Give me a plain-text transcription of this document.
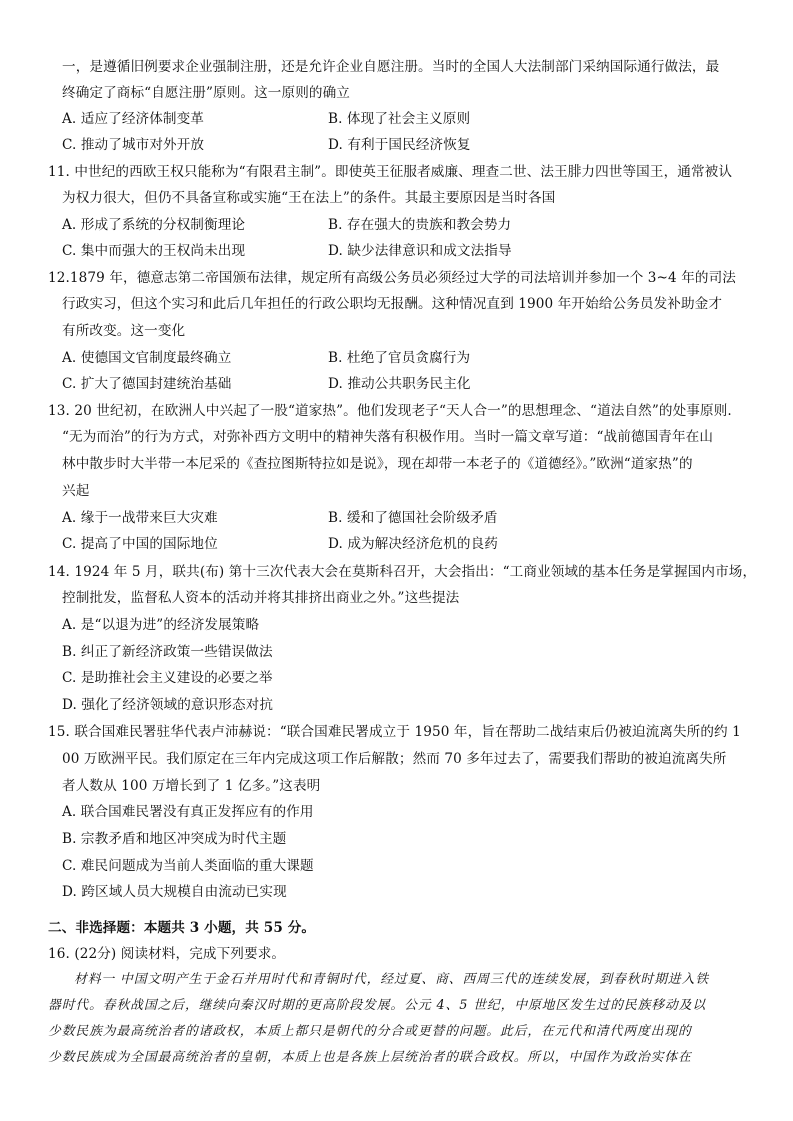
一，是遵循旧例要求企业强制注册，还是允许企业自愿注册。当时的全国人大法制部门采纳国际通行做法，最
终确定了商标“自愿注册”原则。这一原则的确立
A. 适应了经济体制变革	B. 体现了社会主义原则
C. 推动了城市对外开放	D. 有利于国民经济恢复
11. 中世纪的西欧王权只能称为“有限君主制”。即使英王征服者威廉、理查二世、法王腓力四世等国王，通常被认
为权力很大，但仍不具备宣称或实施“王在法上”的条件。其最主要原因是当时各国
A. 形成了系统的分权制衡理论	B. 存在强大的贵族和教会势力
C. 集中而强大的王权尚未出现	D. 缺少法律意识和成文法指导
12.1879 年，德意志第二帝国颁布法律，规定所有高级公务员必须经过大学的司法培训并参加一个 3~4 年的司法
行政实习，但这个实习和此后几年担任的行政公职均无报酬。这种情况直到 1900 年开始给公务员发补助金才
有所改变。这一变化
A. 使德国文官制度最终确立	B. 杜绝了官员贪腐行为
C. 扩大了德国封建统治基础	D. 推动公共职务民主化
13. 20 世纪初，在欧洲人中兴起了一股“道家热”。他们发现老子“天人合一”的思想理念、“道法自然”的处事原则.
“无为而治”的行为方式，对弥补西方文明中的精神失落有积极作用。当时一篇文章写道：“战前德国青年在山
林中散步时大半带一本尼采的《查拉图斯特拉如是说》，现在却带一本老子的《道德经》。”欧洲“道家热”的
兴起
A. 缘于一战带来巨大灾难	B. 缓和了德国社会阶级矛盾
C. 提高了中国的国际地位	D. 成为解决经济危机的良药
14. 1924 年 5 月，联共(布) 第十三次代表大会在莫斯科召开，大会指出：“工商业领域的基本任务是掌握国内市场，
控制批发，监督私人资本的活动并将其排挤出商业之外。”这些提法
A. 是“以退为进”的经济发展策略
B. 纠正了新经济政策一些错误做法
C. 是助推社会主义建设的必要之举
D. 强化了经济领域的意识形态对抗
15. 联合国难民署驻华代表卢沛赫说：“联合国难民署成立于 1950 年，旨在帮助二战结束后仍被迫流离失所的约 1
00 万欧洲平民。我们原定在三年内完成这项工作后解散；然而 70 多年过去了，需要我们帮助的被迫流离失所
者人数从 100 万增长到了 1 亿多。”这表明
A. 联合国难民署没有真正发挥应有的作用
B. 宗教矛盾和地区冲突成为时代主题
C. 难民问题成为当前人类面临的重大课题
D. 跨区域人员大规模自由流动已实现
二、非选择题：本题共 3 小题，共 55 分。
16. (22分) 阅读材料，完成下列要求。
材料一 中国文明产生于金石并用时代和青铜时代，经过夏、商、西周三代的连续发展，到春秋时期进入铁
器时代。春秋战国之后，继续向秦汉时期的更高阶段发展。公元 4、5 世纪，中原地区发生过的民族移动及以
少数民族为最高统治者的诸政权，本质上都只是朝代的分合或更替的问题。此后，在元代和清代两度出现的
少数民族成为全国最高统治者的皇朝，本质上也是各族上层统治者的联合政权。所以，中国作为政治实体在
